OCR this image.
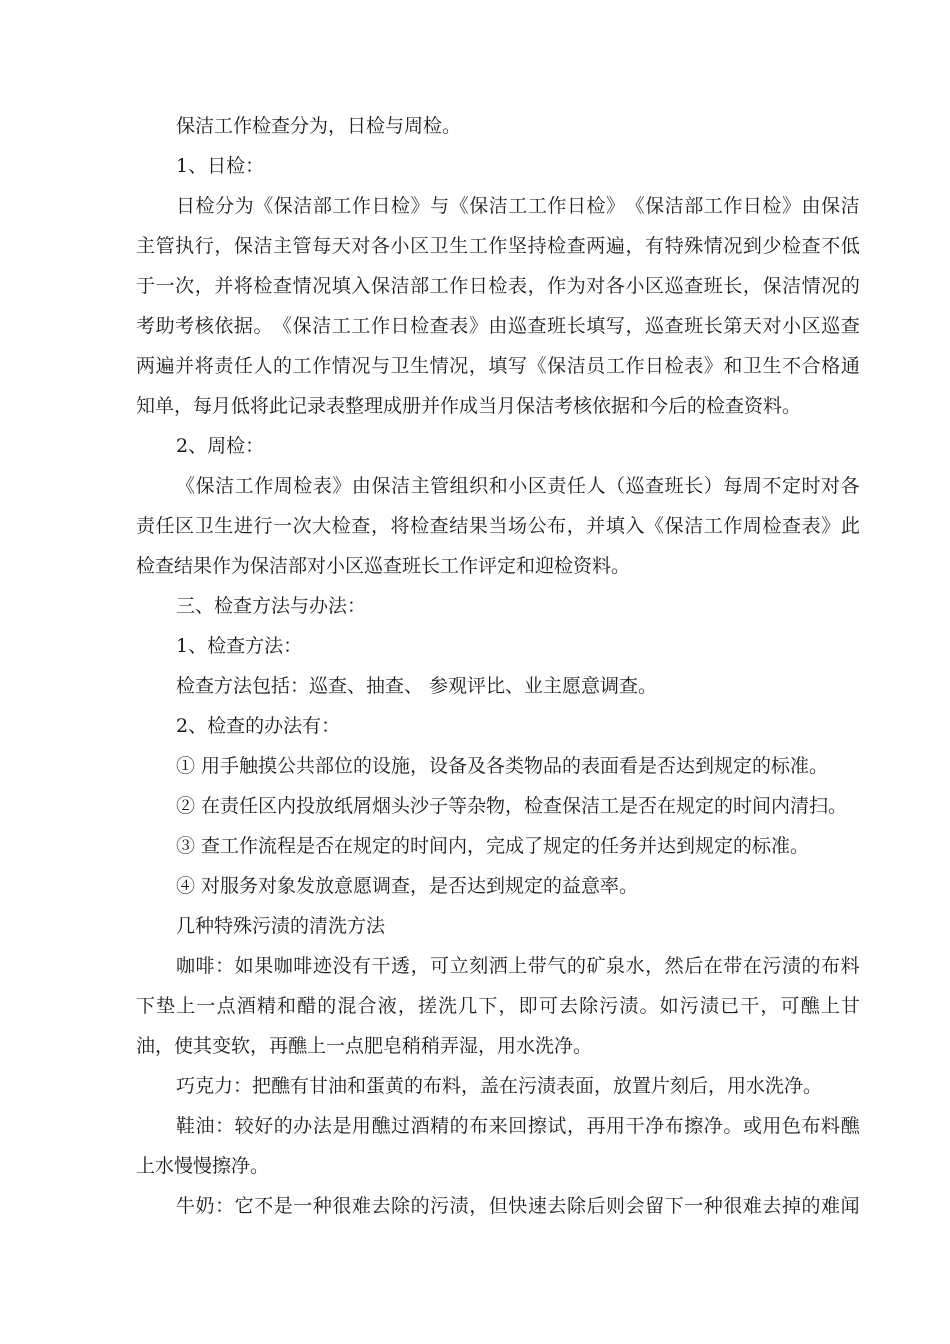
保洁工作检查分为，日检与周检。
1、日检：
日 检 分 为 《 保 洁 部 工 作 日 检 》 与 《 保 洁 工 工 作 日 检 》 《 保 洁 部 工 作 日 检 》 由 保 洁
主 管 执 行 ， 保 洁 主 管 每 天 对 各 小 区 卫 生 工 作 坚 持 检 查 两 遍 ， 有 特 殊 情 况 到 少 检 查 不 低
于 一 次 ， 并 将 检 查 情 况 填 入 保 洁 部 工 作 日 检 表 ， 作 为 对 各 小 区 巡 查 班 长 ， 保 洁 情 况 的
考 助 考 核 依 据 。 《 保 洁 工 工 作 日 检 查 表 》 由 巡 查 班 长 填 写 ， 巡 查 班 长 第 天 对 小 区 巡 查
两 遍 并 将 责 任 人 的 工 作 情 况 与 卫 生 情 况 ， 填 写 《 保 洁 员 工 作 日 检 表 》 和 卫 生 不 合 格 通
知单，每月低将此记录表整理成册并作成当月保洁考核依据和今后的检查资料。
2、周检：
《 保 洁 工 作 周 检 表 》 由 保 洁 主 管 组 织 和 小 区 责 任 人 （ 巡 查 班 长 ） 每 周 不 定 时 对 各
责 任 区 卫 生 进 行 一 次 大 检 查 ， 将 检 查 结 果 当 场 公 布 ， 并 填 入 《 保 洁 工 作 周 检 查 表 》 此
检查结果作为保洁部对小区巡查班长工作评定和迎检资料。
三、检查方法与办法：
1、检查方法：
检查方法包括：巡查、抽查、 参观评比、业主愿意调查。
2、检查的办法有：
① 用手触摸公共部位的设施，设备及各类物品的表面看是否达到规定的标准。
② 在责任区内投放纸屑烟头沙子等杂物，检查保洁工是否在规定的时间内清扫。
③ 查工作流程是否在规定的时间内，完成了规定的任务并达到规定的标准。
④ 对服务对象发放意愿调查，是否达到规定的益意率。
几种特殊污渍的清洗方法
咖 啡 ： 如 果 咖 啡 迹 没 有 干 透 ， 可 立 刻 洒 上 带 气 的 矿 泉 水 ， 然 后 在 带 在 污 渍 的 布 料
下 垫 上 一 点 酒 精 和 醋 的 混 合 液 ， 搓 洗 几 下 ， 即 可 去 除 污 渍 。 如 污 渍 已 干 ， 可 醮 上 甘
油，使其变软，再醮上一点肥皂稍稍弄湿，用水洗净。
巧克力：把醮有甘油和蛋黄的布料，盖在污渍表面，放置片刻后，用水洗净。
鞋 油 ： 较 好 的 办 法 是 用 醮 过 酒 精 的 布 来 回 擦 试 ， 再 用 干 净 布 擦 净 。 或 用 色 布 料 醮
上水慢慢擦净。
牛 奶 ： 它 不 是 一 种 很 难 去 除 的 污 渍 ， 但 快 速 去 除 后 则 会 留 下 一 种 很 难 去 掉 的 难 闻
